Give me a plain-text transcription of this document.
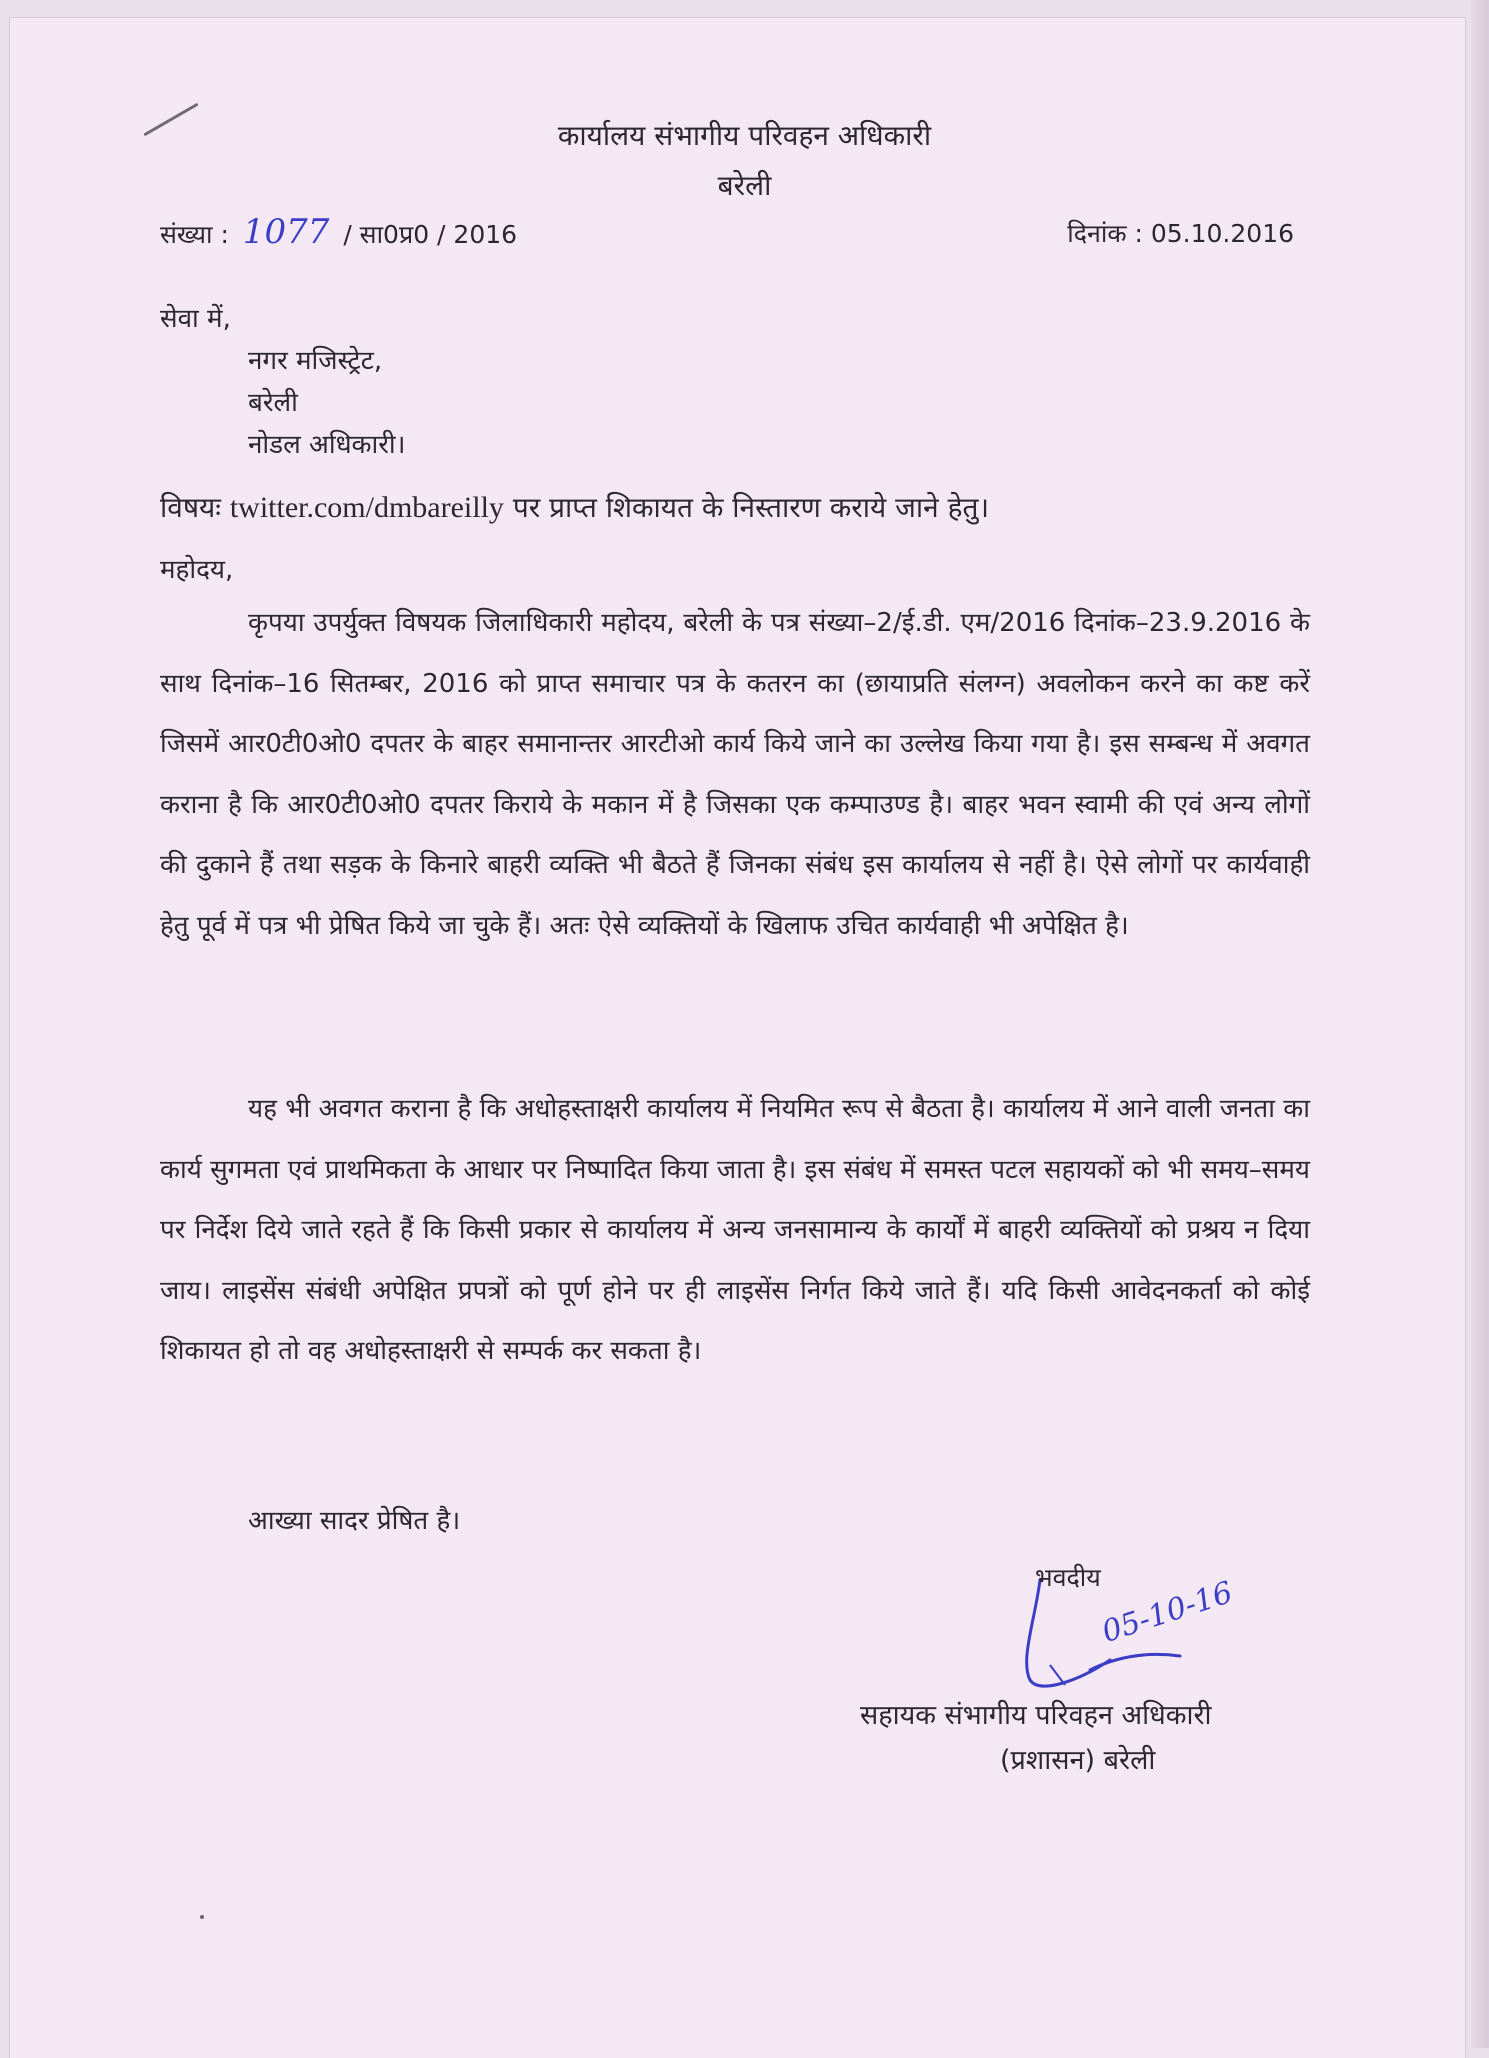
कार्यालय संभागीय परिवहन अधिकारी
बरेली
संख्या : 1077 / सा0प्र0 / 2016	दिनांक : 05.10.2016
सेवा में,
नगर मजिस्ट्रेट,
बरेली
नोडल अधिकारी।
विषयः twitter.com/dmbareilly पर प्राप्त शिकायत के निस्तारण कराये जाने हेतु।
महोदय,

कृपया उपर्युक्त विषयक जिलाधिकारी महोदय, बरेली के पत्र संख्या–2/ई.डी. एम/2016 दिनांक–23.9.2016 के साथ दिनांक–16 सितम्बर, 2016 को प्राप्त समाचार पत्र के कतरन का (छायाप्रति संलग्न) अवलोकन करने का कष्ट करें जिसमें आर0टी0ओ0 दपतर के बाहर समानान्तर आरटीओ कार्य किये जाने का उल्लेख किया गया है। इस सम्बन्ध में अवगत कराना है कि आर0टी0ओ0 दपतर किराये के मकान में है जिसका एक कम्पाउण्ड है। बाहर भवन स्वामी की एवं अन्य लोगों की दुकाने हैं तथा सड़क के किनारे बाहरी व्यक्ति भी बैठते हैं जिनका संबंध इस कार्यालय से नहीं है। ऐसे लोगों पर कार्यवाही हेतु पूर्व में पत्र भी प्रेषित किये जा चुके हैं। अतः ऐसे व्यक्तियों के खिलाफ उचित कार्यवाही भी अपेक्षित है।

यह भी अवगत कराना है कि अधोहस्ताक्षरी कार्यालय में नियमित रूप से बैठता है। कार्यालय में आने वाली जनता का कार्य सुगमता एवं प्राथमिकता के आधार पर निष्पादित किया जाता है। इस संबंध में समस्त पटल सहायकों को भी समय–समय पर निर्देश दिये जाते रहते हैं कि किसी प्रकार से कार्यालय में अन्य जनसामान्य के कार्यों में बाहरी व्यक्तियों को प्रश्रय न दिया जाय। लाइसेंस संबंधी अपेक्षित प्रपत्रों को पूर्ण होने पर ही लाइसेंस निर्गत किये जाते हैं। यदि किसी आवेदनकर्ता को कोई शिकायत हो तो वह अधोहस्ताक्षरी से सम्पर्क कर सकता है।

आख्या सादर प्रेषित है।
भवदीय
05-10-16
सहायक संभागीय परिवहन अधिकारी
(प्रशासन) बरेली
